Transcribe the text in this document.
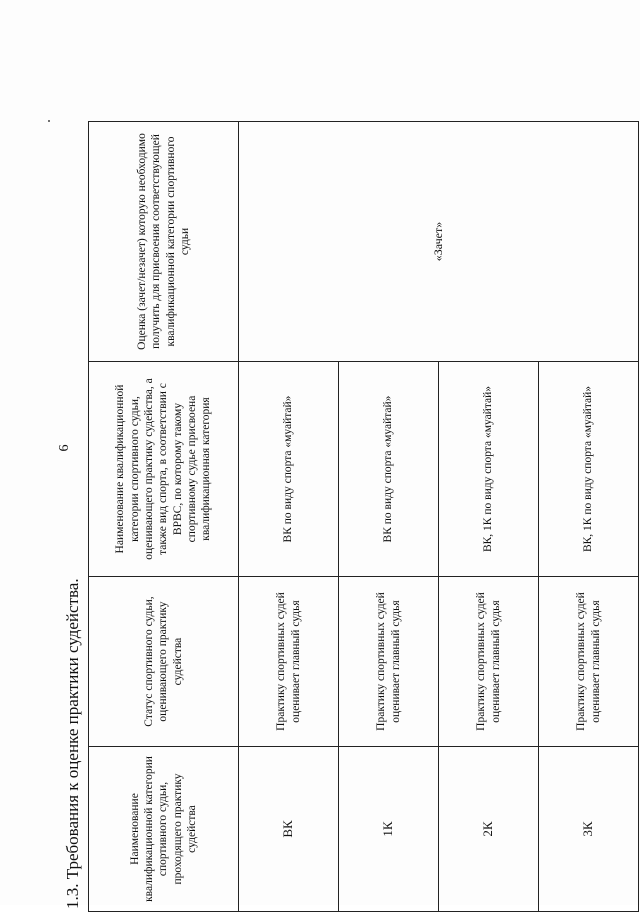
6
1.3. Требования к оценке практики судейства.	Наименование квалификационной категории спортивного судьи, проходящего практику судейства	Статус спортивного судьи, оценивающего практику судейства	Наименование квалификационной категории спортивного судьи, оценивающего практику судейства, а также вид спорта, в соответствии с ВРВС, по которому такому спортивному судье присвоена квалификационная категория	Оценка (зачет/незачет) которую необходимо получить для присвоения соответствующей квалификационной категории спортивного судьи
ВК	Практику спортивных судей оценивает главный судья	ВК по виду спорта «муайтай»	«Зачет»
1К	Практику спортивных судей оценивает главный судья	ВК по виду спорта «муайтай»	
2К	Практику спортивных судей оценивает главный судья	ВК, 1К по виду спорта «муайтай»	
3К	Практику спортивных судей оценивает главный судья	ВК, 1К по виду спорта «муайтай»	
